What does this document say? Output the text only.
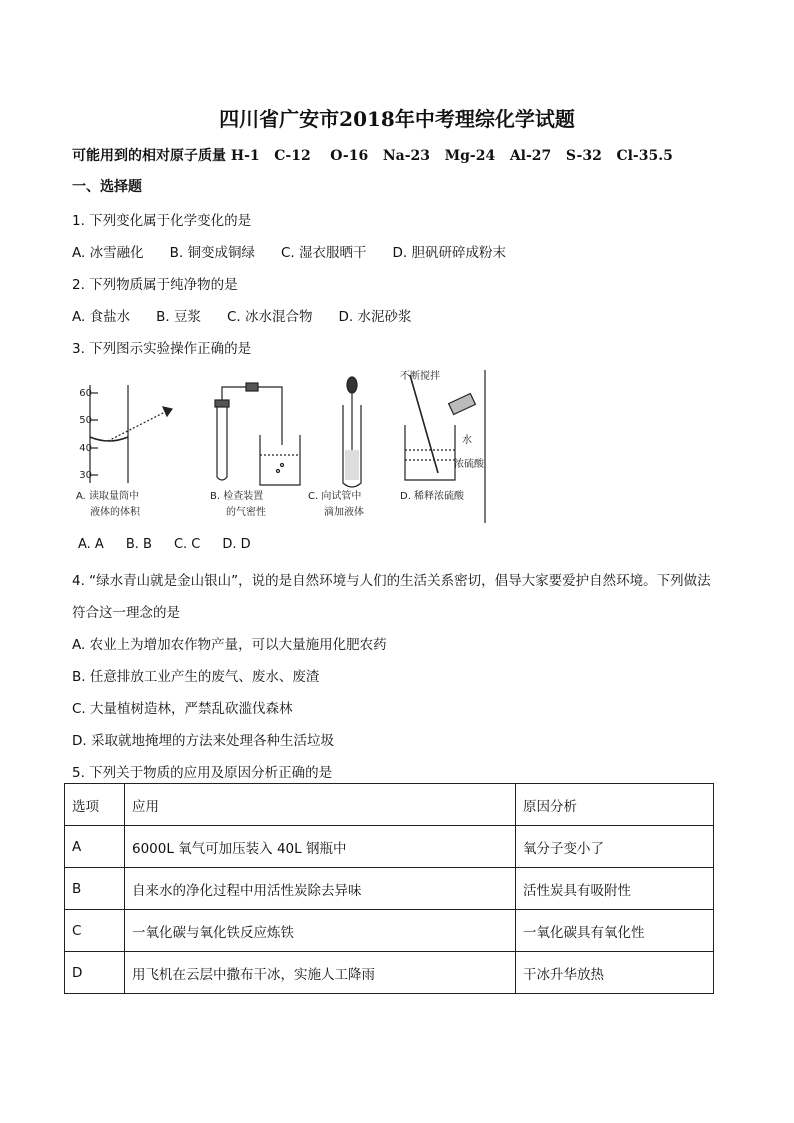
四川省广安市2018年中考理综化学试题
可能用到的相对原子质量 H-1   C-12    O-16   Na-23   Mg-24   Al-27   S-32   Cl-35.5
一、选择题
1. 下列变化属于化学变化的是
A. 冰雪融化 B. 铜变成铜绿 C. 湿衣服晒干 D. 胆矾研碎成粉末
2. 下列物质属于纯净物的是
A. 食盐水 B. 豆浆 C. 冰水混合物 D. 水泥砂浆
3. 下列图示实验操作正确的是
60
50
40
30
不断搅拌
水
浓硫酸
A. 读取量筒中
液体的体积
B. 检查装置
的气密性
C. 向试管中
滴加液体
D. 稀释浓硫酸
A. A B. B C. C D. D
4. “绿水青山就是金山银山”，说的是自然环境与人们的生活关系密切，倡导大家要爱护自然环境。下列做法
符合这一理念的是
A. 农业上为增加农作物产量，可以大量施用化肥农药
B. 任意排放工业产生的废气、废水、废渣
C. 大量植树造林，严禁乱砍滥伐森林
D. 采取就地掩埋的方法来处理各种生活垃圾
5. 下列关于物质的应用及原因分析正确的是
选项	应用	原因分析
A	6000L 氧气可加压装入 40L 钢瓶中	氧分子变小了
B	自来水的净化过程中用活性炭除去异味	活性炭具有吸附性
C	一氧化碳与氧化铁反应炼铁	一氧化碳具有氧化性
D	用飞机在云层中撒布干冰，实施人工降雨	干冰升华放热
